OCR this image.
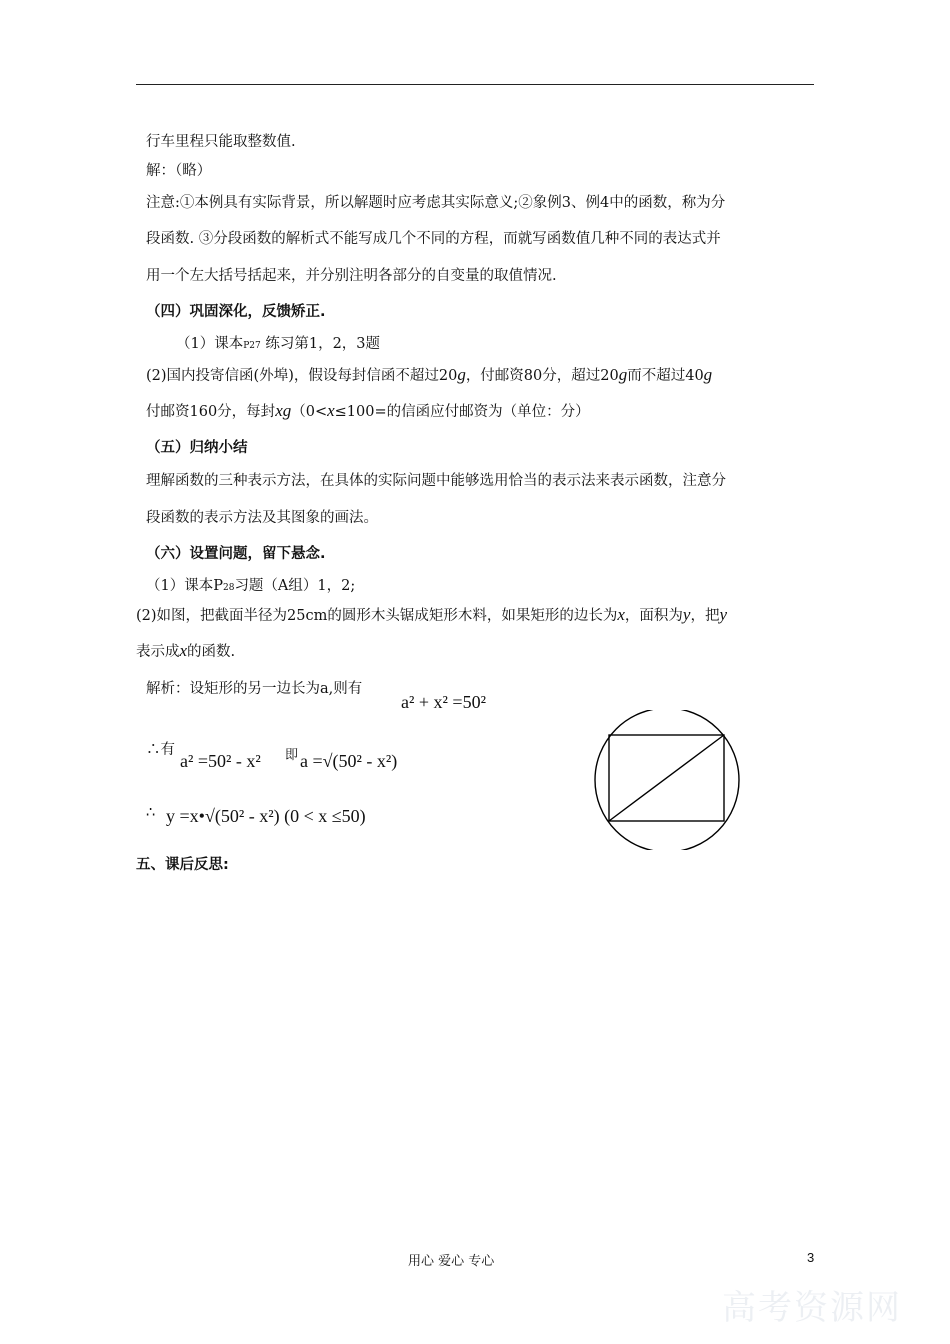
行车里程只能取整数值.
解：（略）
注意:①本例具有实际背景，所以解题时应考虑其实际意义;②象例3、例4中的函数，称为分
段函数. ③分段函数的解析式不能写成几个不同的方程，而就写函数值几种不同的表达式并
用一个左大括号括起来，并分别注明各部分的自变量的取值情况.
（四）巩固深化，反馈矫正.
（1）课本P27 练习第1，2，3题
(2)国内投寄信函(外埠)，假设每封信函不超过20g，付邮资80分，超过20g而不超过40g
付邮资160分，每封xg（0<x≤100=的信函应付邮资为（单位：分）
（五）归纳小结
理解函数的三种表示方法，在具体的实际问题中能够选用恰当的表示法来表示函数，注意分
段函数的表示方法及其图象的画法。
（六）设置问题，留下悬念.
（1）课本P28习题（A组）1，2;
(2)如图，把截面半径为25cm的圆形木头锯成矩形木料，如果矩形的边长为x，面积为y，把y
表示成x的函数.
解析：设矩形的另一边长为a,则有
a² + x² =50²
∴有
a² =50² - x² 即 a =√(50² - x²)
∴ y =x•√(50² - x²) (0 < x ≤50)
五、课后反思:
用心 爱心 专心	3
高考资源网
